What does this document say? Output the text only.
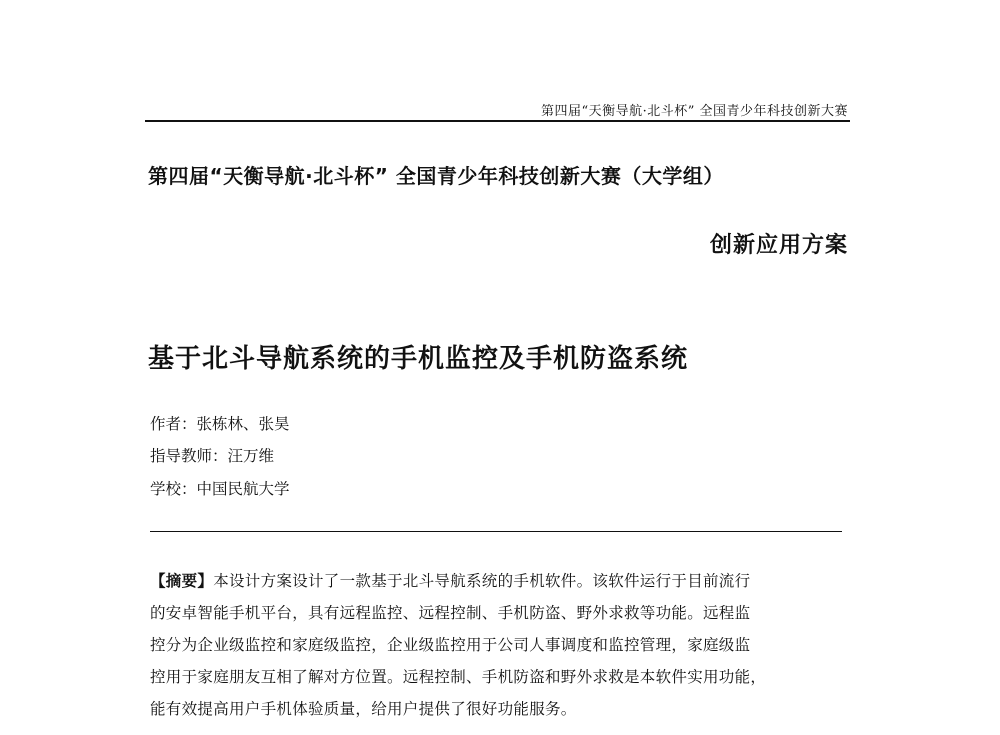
第四届“天衡导航·北斗杯” 全国青少年科技创新大赛
第四届“天衡导航·北斗杯” 全国青少年科技创新大赛（大学组）
创新应用方案
基于北斗导航系统的手机监控及手机防盗系统
作者：张栋林、张昊
指导教师：汪万维
学校：中国民航大学
【摘要】本设计方案设计了一款基于北斗导航系统的手机软件。该软件运行于目前流行
的安卓智能手机平台，具有远程监控、远程控制、手机防盗、野外求救等功能。远程监
控分为企业级监控和家庭级监控，企业级监控用于公司人事调度和监控管理，家庭级监
控用于家庭朋友互相了解对方位置。远程控制、手机防盗和野外求救是本软件实用功能，
能有效提高用户手机体验质量，给用户提供了很好功能服务。
